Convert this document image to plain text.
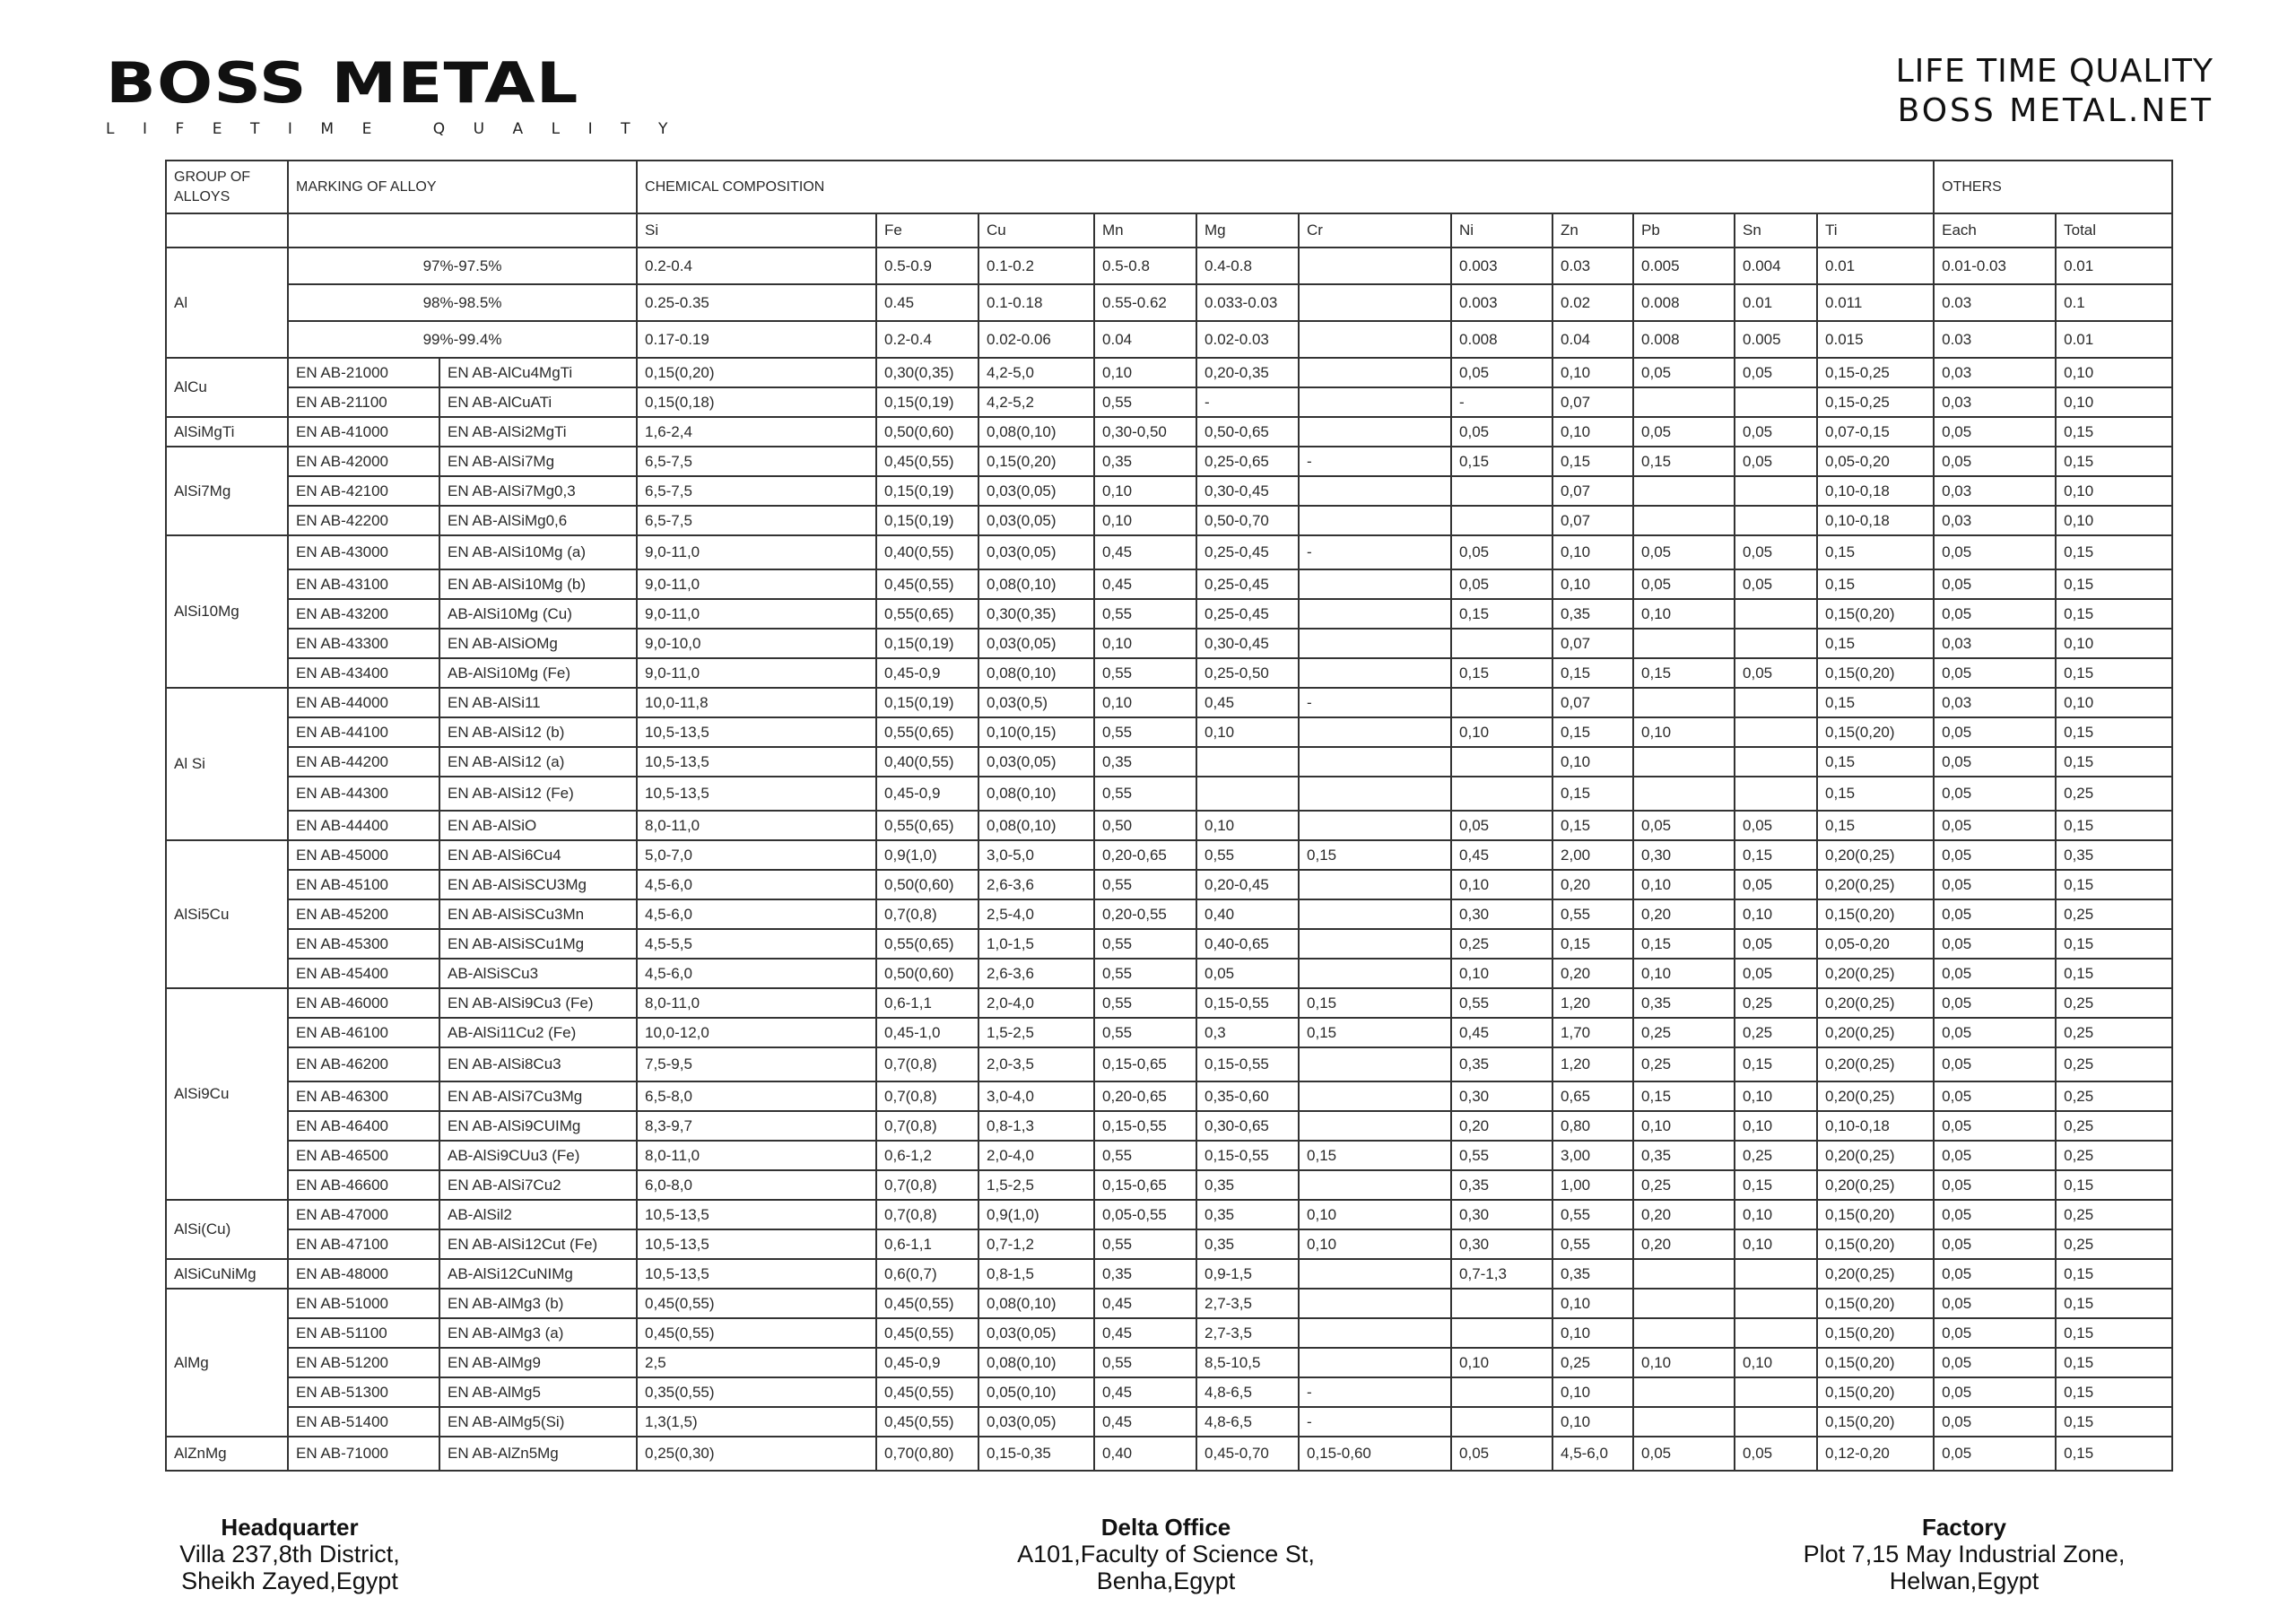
BOSS METAL
LIFETIME QUALITY
LIFE TIME QUALITY
BOSS METAL.NET
GROUP OF ALLOYS	MARKING OF ALLOY		CHEMICAL COMPOSITION											OTHERS	
			Si	Fe	Cu	Mn	Mg	Cr	Ni	Zn	Pb	Sn	Ti	Each	Total
Al	97%-97.5%		0.2-0.4	0.5-0.9	0.1-0.2	0.5-0.8	0.4-0.8		0.003	0.03	0.005	0.004	0.01	0.01-0.03	0.01
	98%-98.5%		0.25-0.35	0.45	0.1-0.18	0.55-0.62	0.033-0.03		0.003	0.02	0.008	0.01	0.011	0.03	0.1
	99%-99.4%		0.17-0.19	0.2-0.4	0.02-0.06	0.04	0.02-0.03		0.008	0.04	0.008	0.005	0.015	0.03	0.01
AlCu	EN AB-21000	EN AB-AlCu4MgTi	0,15(0,20)	0,30(0,35)	4,2-5,0	0,10	0,20-0,35		0,05	0,10	0,05	0,05	0,15-0,25	0,03	0,10
	EN AB-21100	EN AB-AlCuATi	0,15(0,18)	0,15(0,19)	4,2-5,2	0,55	-		-	0,07			0,15-0,25	0,03	0,10
AlSiMgTi	EN AB-41000	EN AB-AlSi2MgTi	1,6-2,4	0,50(0,60)	0,08(0,10)	0,30-0,50	0,50-0,65		0,05	0,10	0,05	0,05	0,07-0,15	0,05	0,15
AlSi7Mg	EN AB-42000	EN AB-AlSi7Mg	6,5-7,5	0,45(0,55)	0,15(0,20)	0,35	0,25-0,65	-	0,15	0,15	0,15	0,05	0,05-0,20	0,05	0,15
	EN AB-42100	EN AB-AlSi7Mg0,3	6,5-7,5	0,15(0,19)	0,03(0,05)	0,10	0,30-0,45			0,07			0,10-0,18	0,03	0,10
	EN AB-42200	EN AB-AlSiMg0,6	6,5-7,5	0,15(0,19)	0,03(0,05)	0,10	0,50-0,70			0,07			0,10-0,18	0,03	0,10
AlSi10Mg	EN AB-43000	EN AB-AlSi10Mg (a)	9,0-11,0	0,40(0,55)	0,03(0,05)	0,45	0,25-0,45	-	0,05	0,10	0,05	0,05	0,15	0,05	0,15
	EN AB-43100	EN AB-AlSi10Mg (b)	9,0-11,0	0,45(0,55)	0,08(0,10)	0,45	0,25-0,45		0,05	0,10	0,05	0,05	0,15	0,05	0,15
	EN AB-43200	AB-AlSi10Mg (Cu)	9,0-11,0	0,55(0,65)	0,30(0,35)	0,55	0,25-0,45		0,15	0,35	0,10		0,15(0,20)	0,05	0,15
	EN AB-43300	EN AB-AlSiOMg	9,0-10,0	0,15(0,19)	0,03(0,05)	0,10	0,30-0,45			0,07			0,15	0,03	0,10
	EN AB-43400	AB-AlSi10Mg (Fe)	9,0-11,0	0,45-0,9	0,08(0,10)	0,55	0,25-0,50		0,15	0,15	0,15	0,05	0,15(0,20)	0,05	0,15
Al Si	EN AB-44000	EN AB-AlSi11	10,0-11,8	0,15(0,19)	0,03(0,5)	0,10	0,45	-		0,07			0,15	0,03	0,10
	EN AB-44100	EN AB-AlSi12 (b)	10,5-13,5	0,55(0,65)	0,10(0,15)	0,55	0,10		0,10	0,15	0,10		0,15(0,20)	0,05	0,15
	EN AB-44200	EN AB-AlSi12 (a)	10,5-13,5	0,40(0,55)	0,03(0,05)	0,35				0,10			0,15	0,05	0,15
	EN AB-44300	EN AB-AlSi12 (Fe)	10,5-13,5	0,45-0,9	0,08(0,10)	0,55				0,15			0,15	0,05	0,25
	EN AB-44400	EN AB-AlSiO	8,0-11,0	0,55(0,65)	0,08(0,10)	0,50	0,10		0,05	0,15	0,05	0,05	0,15	0,05	0,15
AlSi5Cu	EN AB-45000	EN AB-AlSi6Cu4	5,0-7,0	0,9(1,0)	3,0-5,0	0,20-0,65	0,55	0,15	0,45	2,00	0,30	0,15	0,20(0,25)	0,05	0,35
	EN AB-45100	EN AB-AlSiSCU3Mg	4,5-6,0	0,50(0,60)	2,6-3,6	0,55	0,20-0,45		0,10	0,20	0,10	0,05	0,20(0,25)	0,05	0,15
	EN AB-45200	EN AB-AlSiSCu3Mn	4,5-6,0	0,7(0,8)	2,5-4,0	0,20-0,55	0,40		0,30	0,55	0,20	0,10	0,15(0,20)	0,05	0,25
	EN AB-45300	EN AB-AlSiSCu1Mg	4,5-5,5	0,55(0,65)	1,0-1,5	0,55	0,40-0,65		0,25	0,15	0,15	0,05	0,05-0,20	0,05	0,15
	EN AB-45400	AB-AlSiSCu3	4,5-6,0	0,50(0,60)	2,6-3,6	0,55	0,05		0,10	0,20	0,10	0,05	0,20(0,25)	0,05	0,15
AlSi9Cu	EN AB-46000	EN AB-AlSi9Cu3 (Fe)	8,0-11,0	0,6-1,1	2,0-4,0	0,55	0,15-0,55	0,15	0,55	1,20	0,35	0,25	0,20(0,25)	0,05	0,25
	EN AB-46100	AB-AlSi11Cu2 (Fe)	10,0-12,0	0,45-1,0	1,5-2,5	0,55	0,3	0,15	0,45	1,70	0,25	0,25	0,20(0,25)	0,05	0,25
	EN AB-46200	EN AB-AlSi8Cu3	7,5-9,5	0,7(0,8)	2,0-3,5	0,15-0,65	0,15-0,55		0,35	1,20	0,25	0,15	0,20(0,25)	0,05	0,25
	EN AB-46300	EN AB-AlSi7Cu3Mg	6,5-8,0	0,7(0,8)	3,0-4,0	0,20-0,65	0,35-0,60		0,30	0,65	0,15	0,10	0,20(0,25)	0,05	0,25
	EN AB-46400	EN AB-AlSi9CUIMg	8,3-9,7	0,7(0,8)	0,8-1,3	0,15-0,55	0,30-0,65		0,20	0,80	0,10	0,10	0,10-0,18	0,05	0,25
	EN AB-46500	AB-AlSi9CUu3 (Fe)	8,0-11,0	0,6-1,2	2,0-4,0	0,55	0,15-0,55	0,15	0,55	3,00	0,35	0,25	0,20(0,25)	0,05	0,25
	EN AB-46600	EN AB-AlSi7Cu2	6,0-8,0	0,7(0,8)	1,5-2,5	0,15-0,65	0,35		0,35	1,00	0,25	0,15	0,20(0,25)	0,05	0,15
AlSi(Cu)	EN AB-47000	AB-AlSil2	10,5-13,5	0,7(0,8)	0,9(1,0)	0,05-0,55	0,35	0,10	0,30	0,55	0,20	0,10	0,15(0,20)	0,05	0,25
	EN AB-47100	EN AB-AlSi12Cut (Fe)	10,5-13,5	0,6-1,1	0,7-1,2	0,55	0,35	0,10	0,30	0,55	0,20	0,10	0,15(0,20)	0,05	0,25
AlSiCuNiMg	EN AB-48000	AB-AlSi12CuNIMg	10,5-13,5	0,6(0,7)	0,8-1,5	0,35	0,9-1,5		0,7-1,3	0,35			0,20(0,25)	0,05	0,15
AlMg	EN AB-51000	EN AB-AlMg3 (b)	0,45(0,55)	0,45(0,55)	0,08(0,10)	0,45	2,7-3,5			0,10			0,15(0,20)	0,05	0,15
	EN AB-51100	EN AB-AlMg3 (a)	0,45(0,55)	0,45(0,55)	0,03(0,05)	0,45	2,7-3,5			0,10			0,15(0,20)	0,05	0,15
	EN AB-51200	EN AB-AlMg9	2,5	0,45-0,9	0,08(0,10)	0,55	8,5-10,5		0,10	0,25	0,10	0,10	0,15(0,20)	0,05	0,15
	EN AB-51300	EN AB-AlMg5	0,35(0,55)	0,45(0,55)	0,05(0,10)	0,45	4,8-6,5	-		0,10			0,15(0,20)	0,05	0,15
	EN AB-51400	EN AB-AlMg5(Si)	1,3(1,5)	0,45(0,55)	0,03(0,05)	0,45	4,8-6,5	-		0,10			0,15(0,20)	0,05	0,15
AlZnMg	EN AB-71000	EN AB-AlZn5Mg	0,25(0,30)	0,70(0,80)	0,15-0,35	0,40	0,45-0,70	0,15-0,60	0,05	4,5-6,0	0,05	0,05	0,12-0,20	0,05	0,15
Headquarter
Villa 237,8th District,
Sheikh Zayed,Egypt
Delta Office
A101,Faculty of Science St,
Benha,Egypt
Factory
Plot 7,15 May Industrial Zone,
Helwan,Egypt
